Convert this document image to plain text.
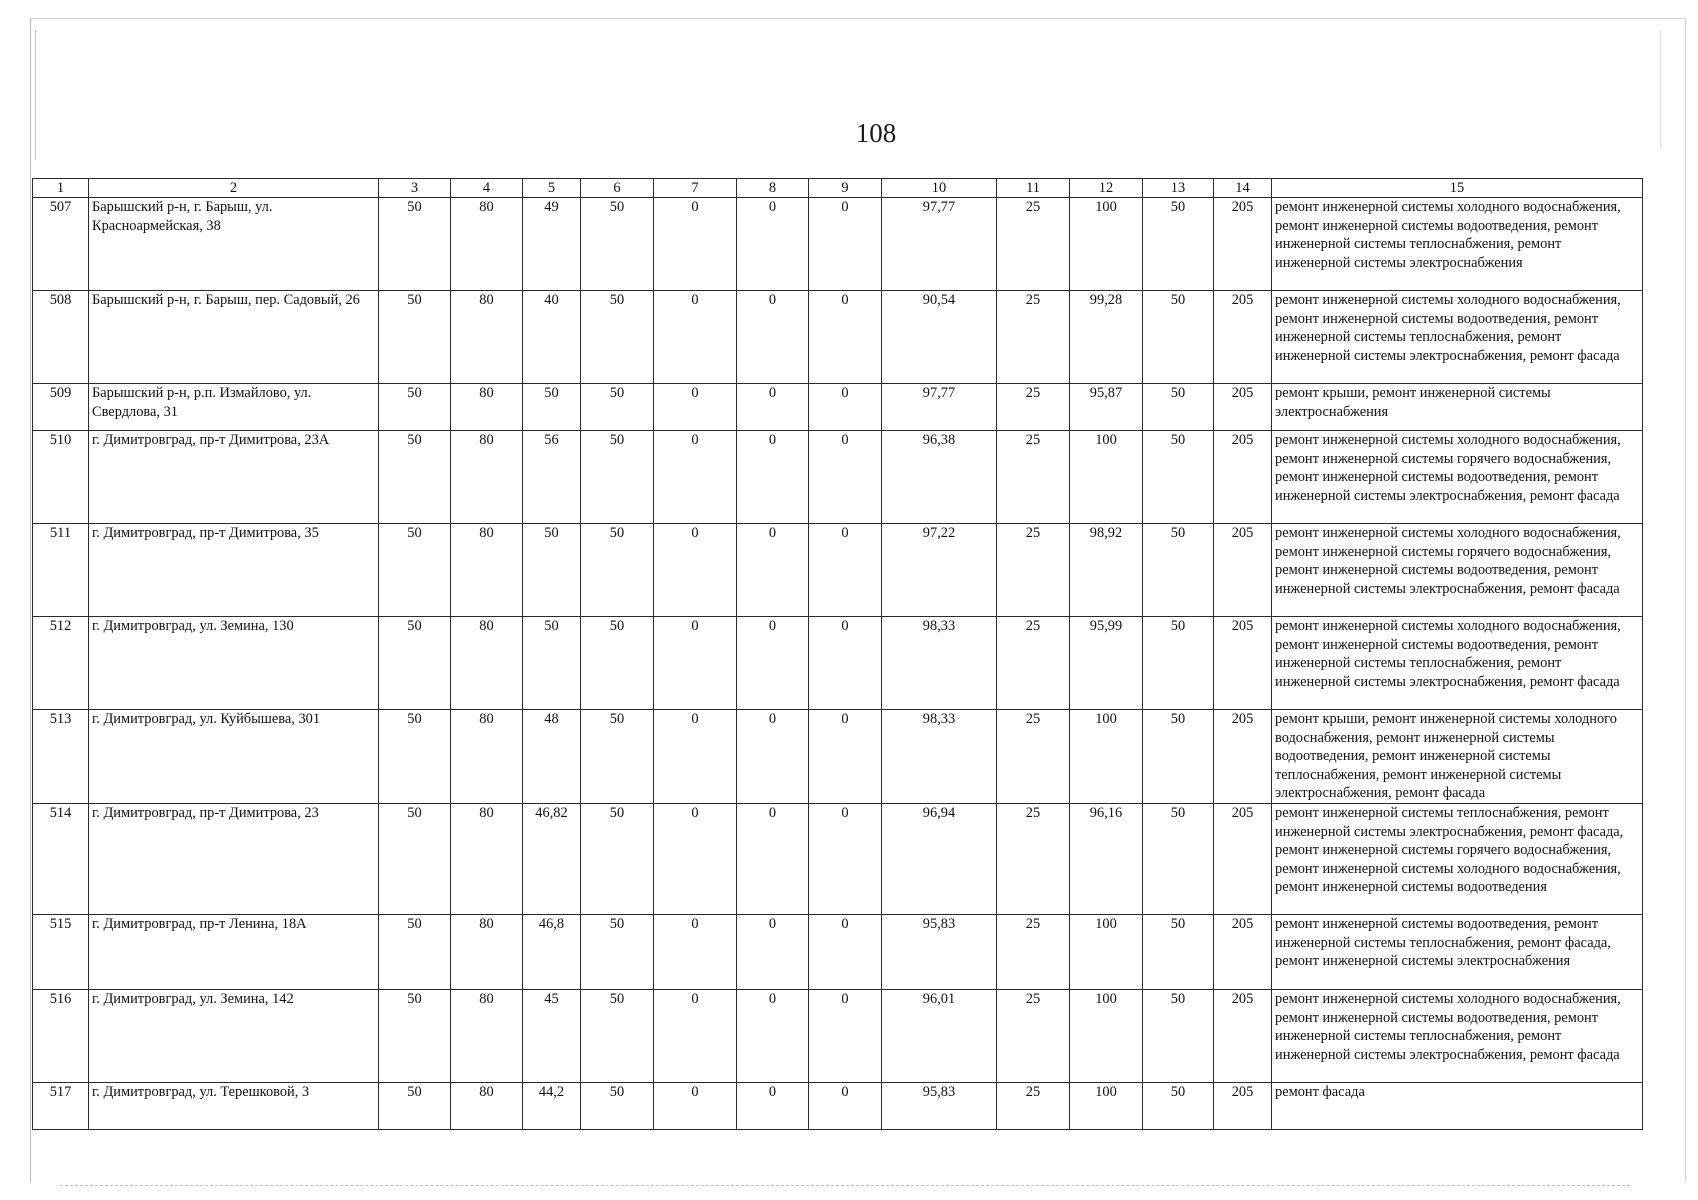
108
1	2	3	4	5	6	7	8	9	10	11	12	13	14	15
507	Барышский р-н, г. Барыш, ул. Красноармейская, 38	50	80	49	50	0	0	0	97,77	25	100	50	205	ремонт инженерной системы холодного водоснабжения, ремонт инженерной системы водоотведения, ремонт инженерной системы теплоснабжения, ремонт инженерной системы электроснабжения
508	Барышский р-н, г. Барыш, пер. Садовый, 26	50	80	40	50	0	0	0	90,54	25	99,28	50	205	ремонт инженерной системы холодного водоснабжения, ремонт инженерной системы водоотведения, ремонт инженерной системы теплоснабжения, ремонт инженерной системы электроснабжения, ремонт фасада
509	Барышский р-н, р.п. Измайлово, ул. Свердлова, 31	50	80	50	50	0	0	0	97,77	25	95,87	50	205	ремонт крыши, ремонт инженерной системы электроснабжения
510	г. Димитровград, пр-т Димитрова, 23А	50	80	56	50	0	0	0	96,38	25	100	50	205	ремонт инженерной системы холодного водоснабжения, ремонт инженерной системы горячего водоснабжения, ремонт инженерной системы водоотведения, ремонт инженерной системы электроснабжения, ремонт фасада
511	г. Димитровград, пр-т Димитрова, 35	50	80	50	50	0	0	0	97,22	25	98,92	50	205	ремонт инженерной системы холодного водоснабжения, ремонт инженерной системы горячего водоснабжения, ремонт инженерной системы водоотведения, ремонт инженерной системы электроснабжения, ремонт фасада
512	г. Димитровград, ул. Земина, 130	50	80	50	50	0	0	0	98,33	25	95,99	50	205	ремонт инженерной системы холодного водоснабжения, ремонт инженерной системы водоотведения, ремонт инженерной системы теплоснабжения, ремонт инженерной системы электроснабжения, ремонт фасада
513	г. Димитровград, ул. Куйбышева, 301	50	80	48	50	0	0	0	98,33	25	100	50	205	ремонт крыши, ремонт инженерной системы холодного водоснабжения, ремонт инженерной системы водоотведения, ремонт инженерной системы теплоснабжения, ремонт инженерной системы электроснабжения, ремонт фасада
514	г. Димитровград, пр-т Димитрова, 23	50	80	46,82	50	0	0	0	96,94	25	96,16	50	205	ремонт инженерной системы теплоснабжения, ремонт инженерной системы электроснабжения, ремонт фасада, ремонт инженерной системы горячего водоснабжения, ремонт инженерной системы холодного водоснабжения, ремонт инженерной системы водоотведения
515	г. Димитровград, пр-т Ленина, 18А	50	80	46,8	50	0	0	0	95,83	25	100	50	205	ремонт инженерной системы водоотведения, ремонт инженерной системы теплоснабжения, ремонт фасада, ремонт инженерной системы электроснабжения
516	г. Димитровград, ул. Земина, 142	50	80	45	50	0	0	0	96,01	25	100	50	205	ремонт инженерной системы холодного водоснабжения, ремонт инженерной системы водоотведения, ремонт инженерной системы теплоснабжения, ремонт инженерной системы электроснабжения, ремонт фасада
517	г. Димитровград, ул. Терешковой, 3	50	80	44,2	50	0	0	0	95,83	25	100	50	205	ремонт фасада
